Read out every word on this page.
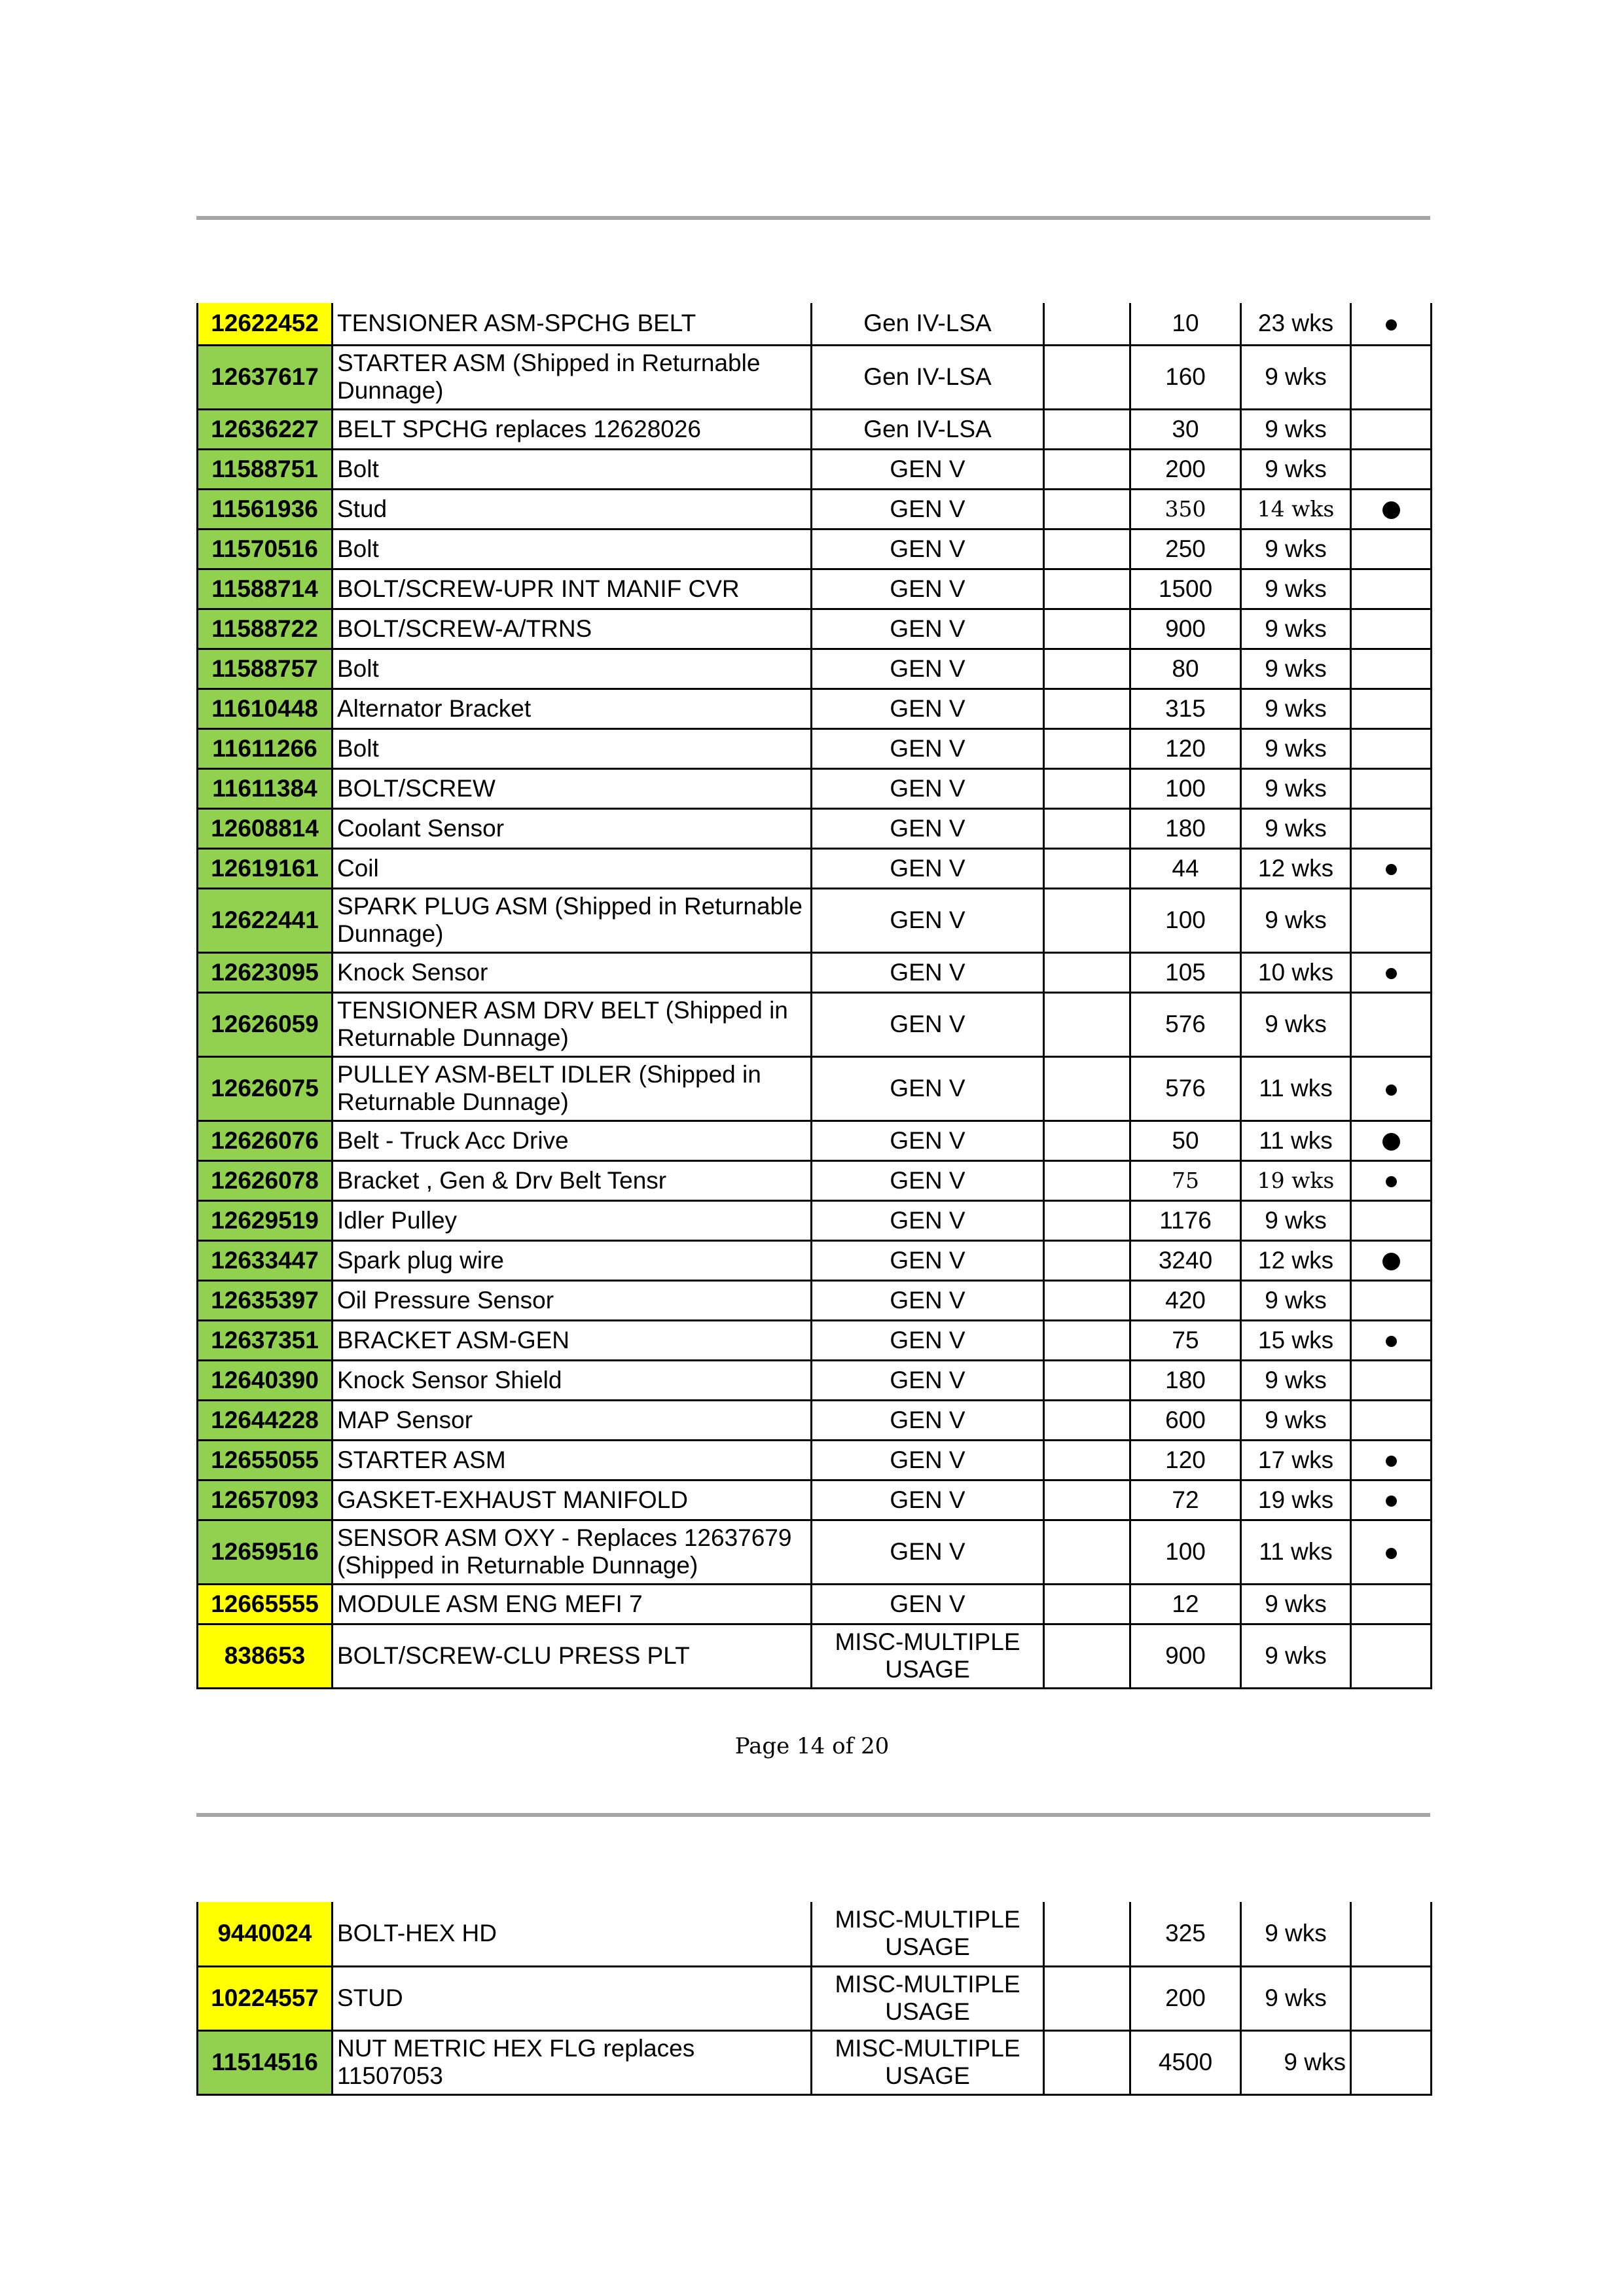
12622452	TENSIONER ASM-SPCHG BELT	Gen IV-LSA		10	23 wks	
12637617	STARTER ASM (Shipped in Returnable Dunnage)	Gen IV-LSA		160	9 wks	
12636227	BELT SPCHG replaces 12628026	Gen IV-LSA		30	9 wks	
11588751	Bolt	GEN V		200	9 wks	
11561936	Stud	GEN V		350	14 wks	
11570516	Bolt	GEN V		250	9 wks	
11588714	BOLT/SCREW-UPR INT MANIF CVR	GEN V		1500	9 wks	
11588722	BOLT/SCREW-A/TRNS	GEN V		900	9 wks	
11588757	Bolt	GEN V		80	9 wks	
11610448	Alternator Bracket	GEN V		315	9 wks	
11611266	Bolt	GEN V		120	9 wks	
11611384	BOLT/SCREW	GEN V		100	9 wks	
12608814	Coolant Sensor	GEN V		180	9 wks	
12619161	Coil	GEN V		44	12 wks	
12622441	SPARK PLUG ASM (Shipped in Returnable Dunnage)	GEN V		100	9 wks	
12623095	Knock Sensor	GEN V		105	10 wks	
12626059	TENSIONER ASM DRV BELT (Shipped in Returnable Dunnage)	GEN V		576	9 wks	
12626075	PULLEY ASM-BELT IDLER (Shipped in Returnable Dunnage)	GEN V		576	11 wks	
12626076	Belt - Truck Acc Drive	GEN V		50	11 wks	
12626078	Bracket , Gen & Drv Belt Tensr	GEN V		75	19 wks	
12629519	Idler Pulley	GEN V		1176	9 wks	
12633447	Spark plug wire	GEN V		3240	12 wks	
12635397	Oil Pressure Sensor	GEN V		420	9 wks	
12637351	BRACKET ASM-GEN	GEN V		75	15 wks	
12640390	Knock Sensor Shield	GEN V		180	9 wks	
12644228	MAP Sensor	GEN V		600	9 wks	
12655055	STARTER ASM	GEN V		120	17 wks	
12657093	GASKET-EXHAUST MANIFOLD	GEN V		72	19 wks	
12659516	SENSOR ASM OXY - Replaces 12637679 (Shipped in Returnable Dunnage)	GEN V		100	11 wks	
12665555	MODULE ASM ENG MEFI 7	GEN V		12	9 wks	
838653	BOLT/SCREW-CLU PRESS PLT	MISC-MULTIPLE USAGE		900	9 wks	
Page 14 of 20
9440024	BOLT-HEX HD	MISC-MULTIPLE USAGE		325	9 wks	
10224557	STUD	MISC-MULTIPLE USAGE		200	9 wks	
11514516	NUT METRIC HEX FLG replaces 11507053	MISC-MULTIPLE USAGE		4500	9 wks	
